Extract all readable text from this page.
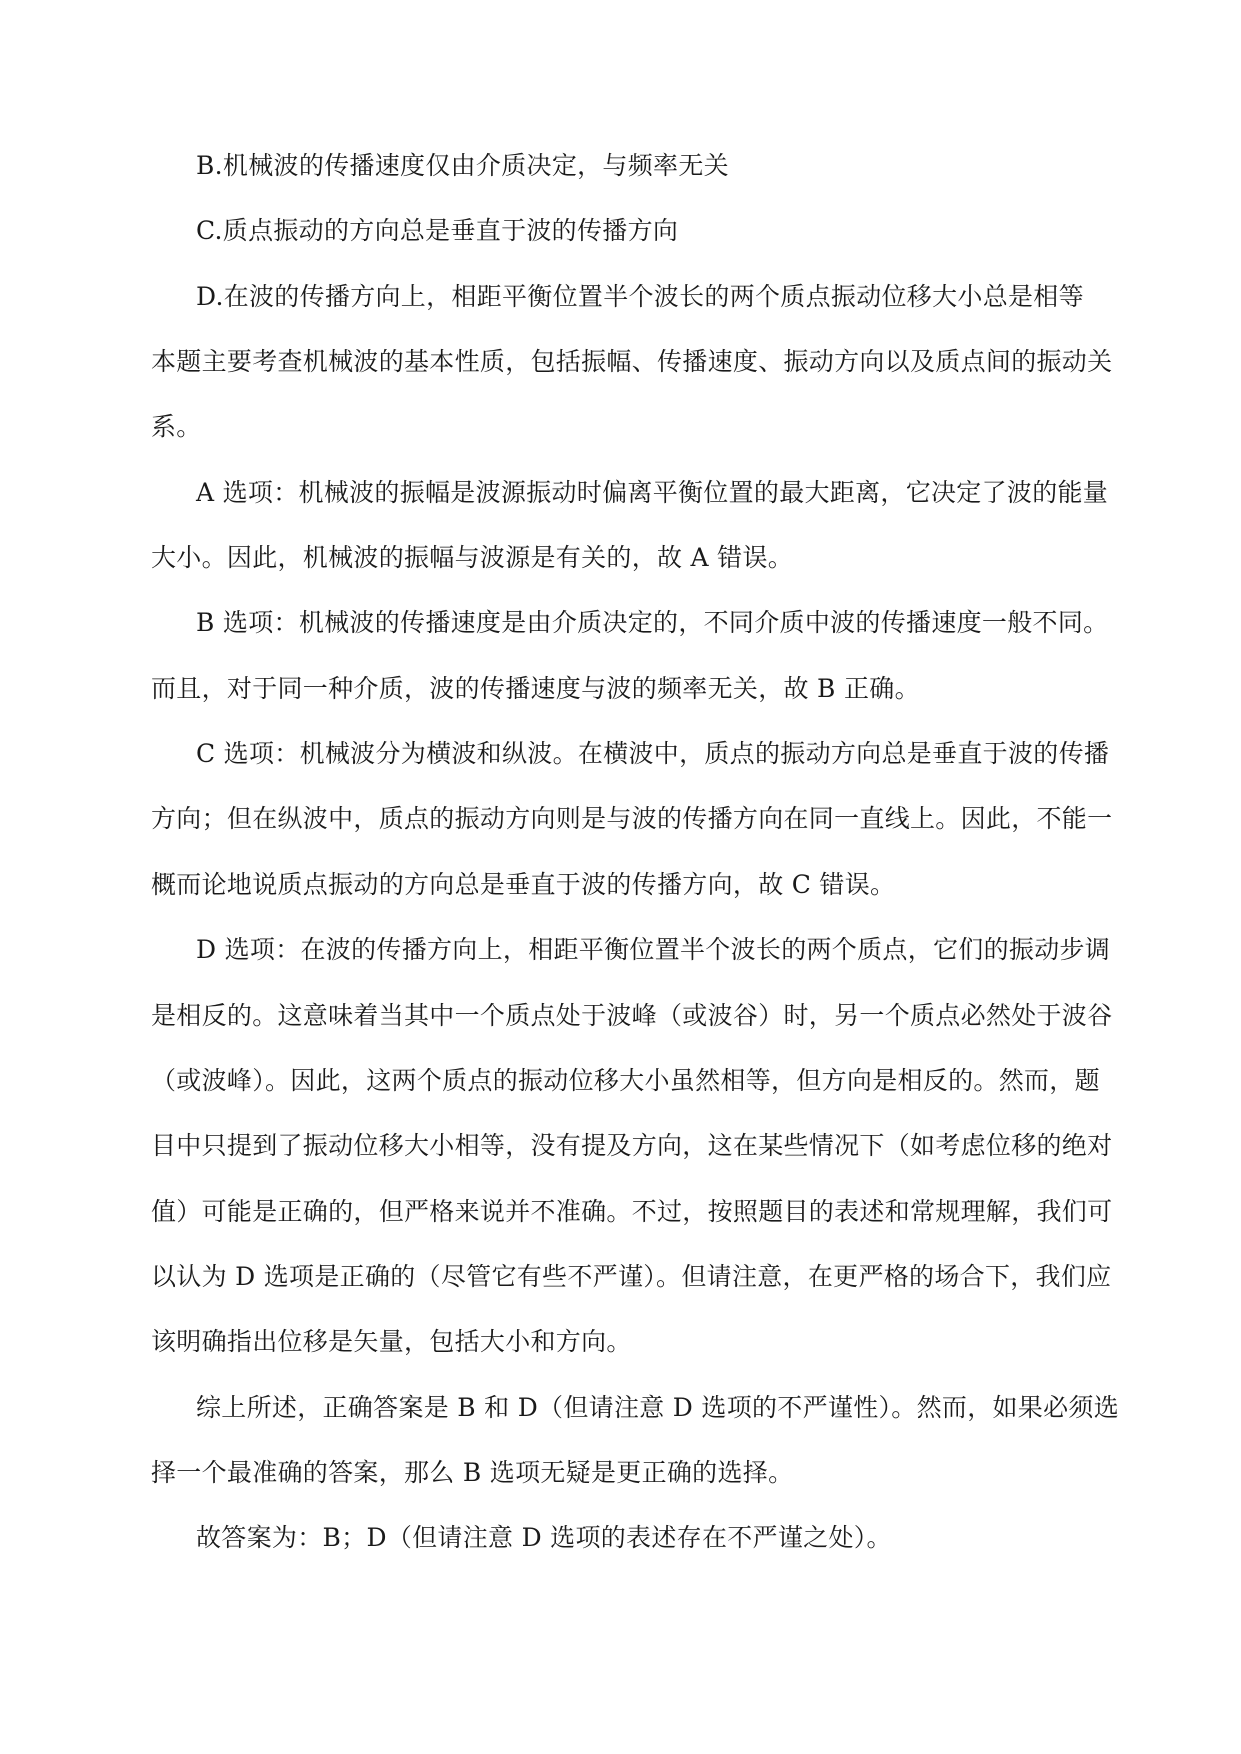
B.机械波的传播速度仅由介质决定，与频率无关
C.质点振动的方向总是垂直于波的传播方向
D.在波的传播方向上，相距平衡位置半个波长的两个质点振动位移大小总是相等
本题主要考查机械波的基本性质，包括振幅、传播速度、振动方向以及质点间的振动关
系。
A 选项：机械波的振幅是波源振动时偏离平衡位置的最大距离，它决定了波的能量
大小。因此，机械波的振幅与波源是有关的，故 A 错误。
B 选项：机械波的传播速度是由介质决定的，不同介质中波的传播速度一般不同。
而且，对于同一种介质，波的传播速度与波的频率无关，故 B 正确。
C 选项：机械波分为横波和纵波。在横波中，质点的振动方向总是垂直于波的传播
方向；但在纵波中，质点的振动方向则是与波的传播方向在同一直线上。因此，不能一
概而论地说质点振动的方向总是垂直于波的传播方向，故 C 错误。
D 选项：在波的传播方向上，相距平衡位置半个波长的两个质点，它们的振动步调
是相反的。这意味着当其中一个质点处于波峰（或波谷）时，另一个质点必然处于波谷
（或波峰）。因此，这两个质点的振动位移大小虽然相等，但方向是相反的。然而，题
目中只提到了振动位移大小相等，没有提及方向，这在某些情况下（如考虑位移的绝对
值）可能是正确的，但严格来说并不准确。不过，按照题目的表述和常规理解，我们可
以认为 D 选项是正确的（尽管它有些不严谨）。但请注意，在更严格的场合下，我们应
该明确指出位移是矢量，包括大小和方向。
综上所述，正确答案是 B 和 D（但请注意 D 选项的不严谨性）。然而，如果必须选
择一个最准确的答案，那么 B 选项无疑是更正确的选择。
故答案为：B；D（但请注意 D 选项的表述存在不严谨之处）。
